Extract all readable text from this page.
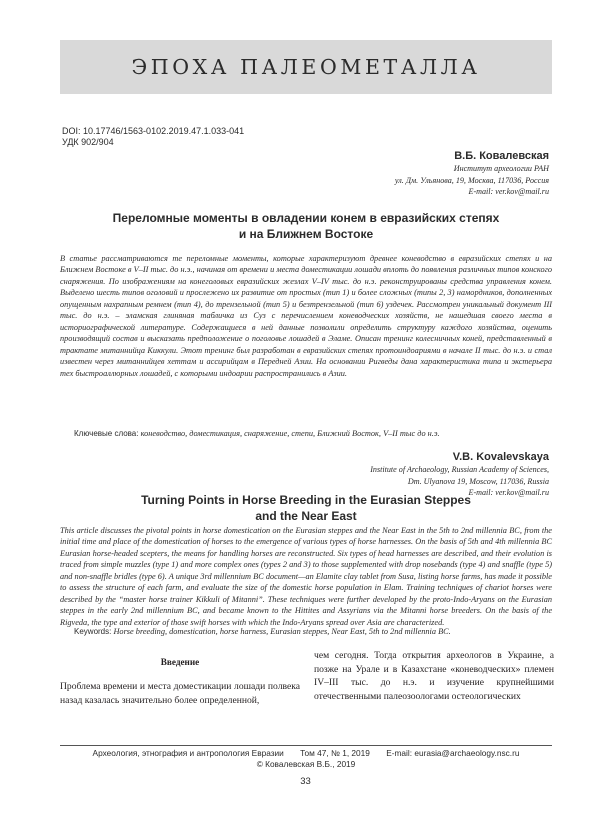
ЭПОХА ПАЛЕОМЕТАЛЛА
DOI: 10.17746/1563-0102.2019.47.1.033-041
УДК 902/904
В.Б. Ковалевская
Институт археологии РАН
ул. Дм. Ульянова, 19, Москва, 117036, Россия
E-mail: ver.kov@mail.ru
Переломные моменты в овладении конем в евразийских степях
и на Ближнем Востоке
В статье рассматриваются те переломные моменты, которые характеризуют древнее коневодство в евразийских степях и на Ближнем Востоке в V–II тыс. до н.э., начиная от времени и места доместикации лошади вплоть до появления различных типов конского снаряжения. По изображениям на конеголовых евразийских жезлах V–IV тыс. до н.э. реконструированы средства управления конем. Выделено шесть типов оголовий и прослежено их развитие от простых (тип 1) и более сложных (типы 2, 3) намордников, дополненных опущенным нахрапным ремнем (тип 4), до трензельной (тип 5) и безтрензельной (тип 6) уздечек. Рассмотрен уникальный документ III тыс. до н.э. – эламская глиняная табличка из Суз с перечислением коневодческих хозяйств, не нашедшая своего места в историографической литературе. Содержащиеся в ней данные позволили определить структуру каждого хозяйства, оценить производящий состав и высказать предположение о поголовье лошадей в Эламе. Описан тренинг колесничных коней, представленный в трактате митаннийца Киккули. Этот тренинг был разработан в евразийских степях протоиндоариями в начале II тыс. до н.э. и стал известен через митаннийцев хеттам и ассирийцам в Передней Азии. На основании Ригведы дана характеристика типа и экстерьера тех быстроаллюрных лошадей, с которыми индоарии распространились в Азии.
Ключевые слова: коневодство, доместикация, снаряжение, степи, Ближний Восток, V–II тыс до н.э.
V.B. Kovalevskaya
Institute of Archaeology, Russian Academy of Sciences,
Dm. Ulyanova 19, Moscow, 117036, Russia
E-mail: ver.kov@mail.ru
Turning Points in Horse Breeding in the Eurasian Steppes
and the Near East
This article discusses the pivotal points in horse domestication on the Eurasian steppes and the Near East in the 5th to 2nd millennia BC, from the initial time and place of the domestication of horses to the emergence of various types of horse harnesses. On the basis of 5th and 4th millennia BC Eurasian horse-headed scepters, the means for handling horses are reconstructed. Six types of head harnesses are described, and their evolution is traced from simple muzzles (type 1) and more complex ones (types 2 and 3) to those supplemented with drop nosebands (type 4) and snaffle (type 5) and non-snaffle bridles (type 6). A unique 3rd millennium BC document—an Elamite clay tablet from Susa, listing horse farms, has made it possible to assess the structure of each farm, and evaluate the size of the domestic horse population in Elam. Training techniques of chariot horses were described by the “master horse trainer Kikkuli of Mitanni”. These techniques were further developed by the proto-Indo-Aryans on the Eurasian steppes in the early 2nd millennium BC, and became known to the Hittites and Assyrians via the Mitanni horse breeders. On the basis of the Rigveda, the type and exterior of those swift horses with which the Indo-Aryans spread over Asia are characterized.
Keywords: Horse breeding, domestication, horse harness, Eurasian steppes, Near East, 5th to 2nd millennia BC.
Введение
Проблема времени и места доместикации лошади полвека назад казалась значительно более определенной,
чем сегодня. Тогда открытия археологов в Украине, а позже на Урале и в Казахстане «коневодческих» племен IV–III тыс. до н.э. и изучение крупнейшими отечественными палеозоологами остеологических
Археология, этнография и антропология Евразии Том 47, № 1, 2019 E-mail: eurasia@archaeology.nsc.ru
© Ковалевская В.Б., 2019
33
